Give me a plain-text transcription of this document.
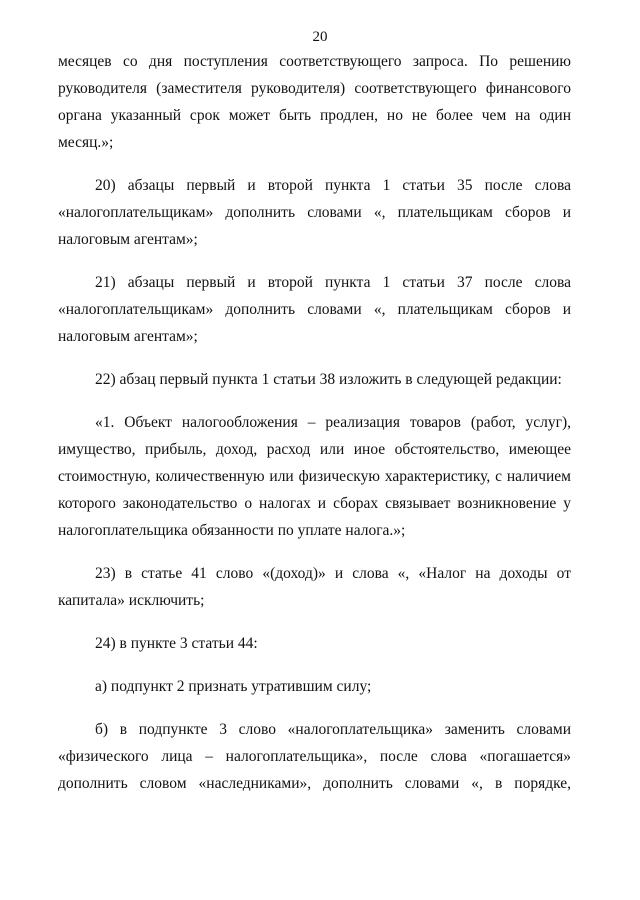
20
месяцев со дня поступления соответствующего запроса. По решению
руководителя (заместителя руководителя) соответствующего финансового
органа указанный срок может быть продлен, но не более чем на один
месяц.»;
20) абзацы первый и второй пункта 1 статьи 35 после слова
«налогоплательщикам» дополнить словами «, плательщикам сборов и
налоговым агентам»;
21) абзацы первый и второй пункта 1 статьи 37 после слова
«налогоплательщикам» дополнить словами «, плательщикам сборов и
налоговым агентам»;
22) абзац первый пункта 1 статьи 38 изложить в следующей редакции:
«1. Объект налогообложения – реализация товаров (работ, услуг),
имущество, прибыль, доход, расход или иное обстоятельство, имеющее
стоимостную, количественную или физическую характеристику, с наличием
которого законодательство о налогах и сборах связывает возникновение у
налогоплательщика обязанности по уплате налога.»;
23) в статье 41 слово «(доход)» и слова «, «Налог на доходы от
капитала» исключить;
24) в пункте 3 статьи 44:
а) подпункт 2 признать утратившим силу;
б) в подпункте 3 слово «налогоплательщика» заменить словами
«физического лица – налогоплательщика», после слова «погашается»
дополнить словом «наследниками», дополнить словами «, в порядке,
